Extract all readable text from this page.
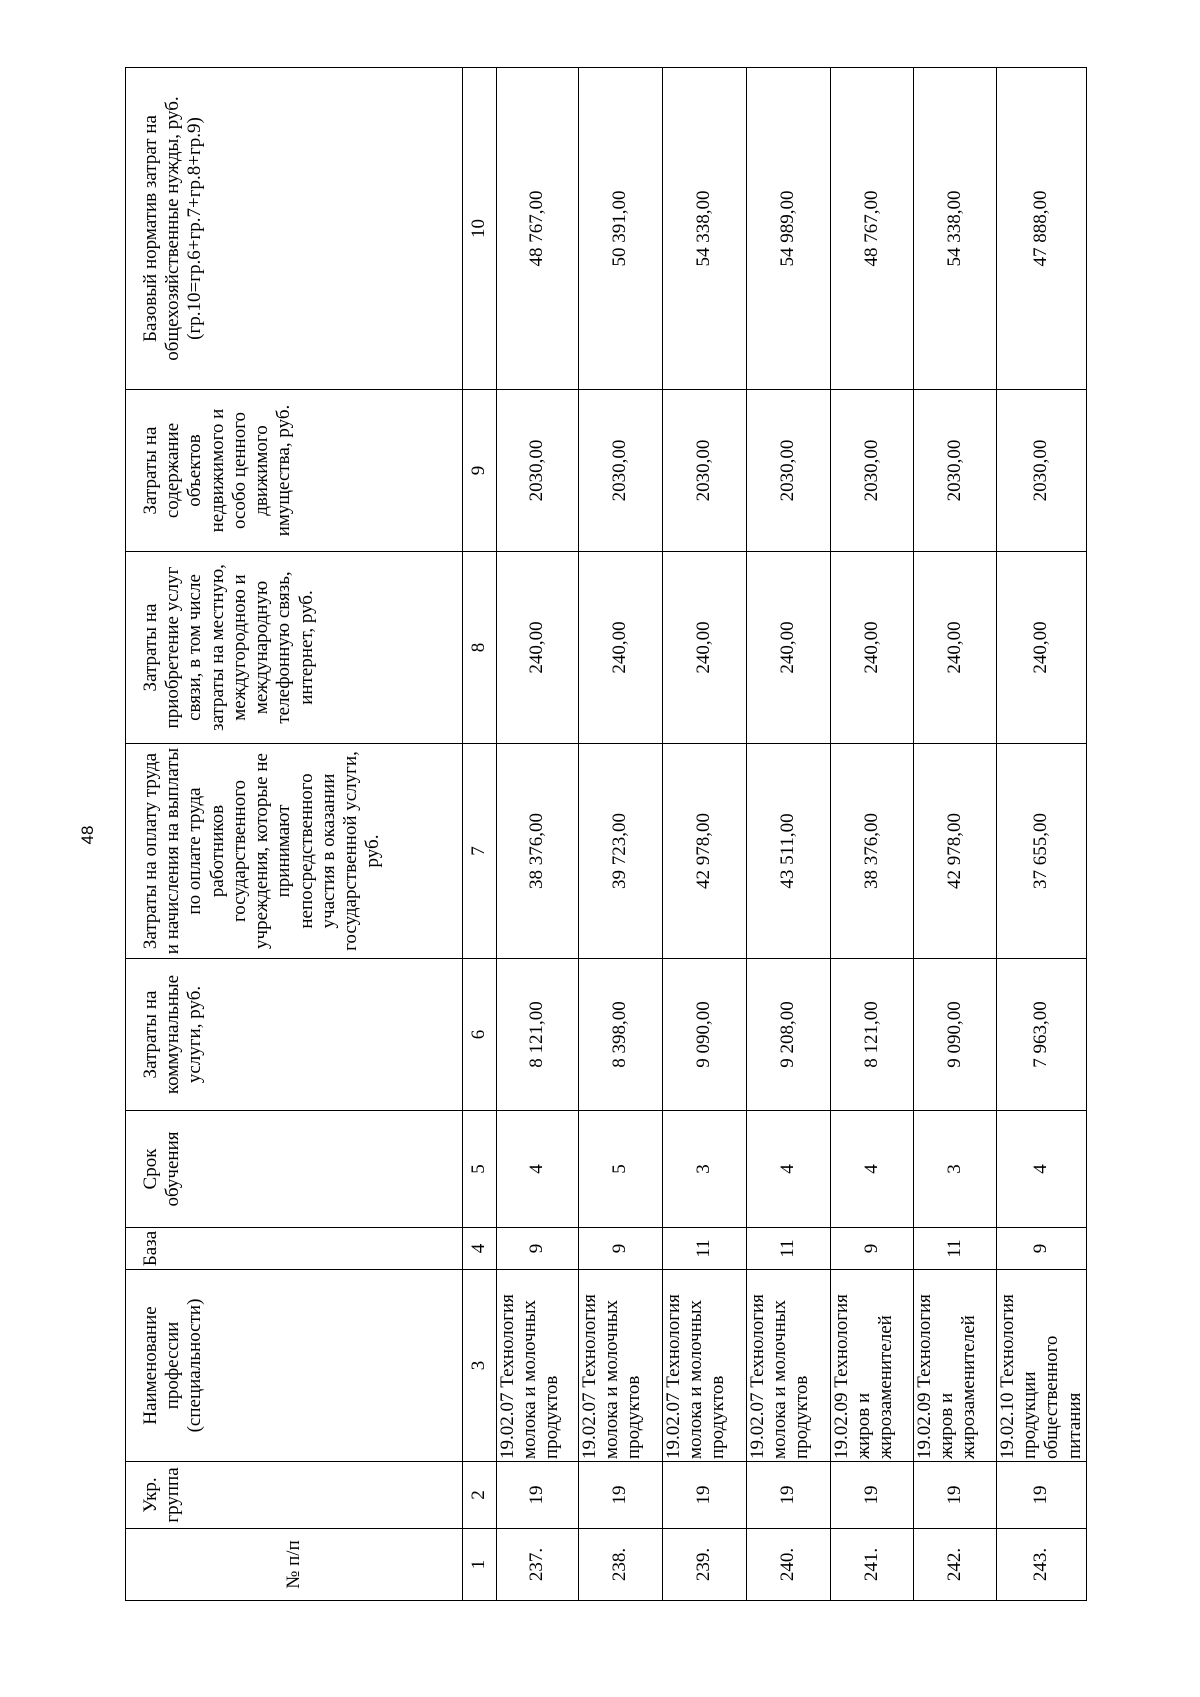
48
№ п/п	Укр. группа	Наименование профессии (специальности)	База	Срок обучения	Затраты на коммунальные услуги, руб.	Затраты на оплату труда и начисления на выплаты по оплате труда работников государственного учреждения, которые не принимают непосредственного участия в оказании государственной услуги, руб.	Затраты на приобретение услуг связи, в том числе затраты на местную, междугородною и международную телефонную связь, интернет, руб.	Затраты на содержание объектов недвижимого и особо ценного движимого имущества, руб.	Базовый норматив затрат на общехозяйственные нужды, руб. (гр.10=гр.6+гр.7+гр.8+гр.9)
1	2	3	4	5	6	7	8	9	10
237.	19	19.02.07 Технология молока и молочных продуктов	9	4	8 121,00	38 376,00	240,00	2030,00	48 767,00
238.	19	19.02.07 Технология молока и молочных продуктов	9	5	8 398,00	39 723,00	240,00	2030,00	50 391,00
239.	19	19.02.07 Технология молока и молочных продуктов	11	3	9 090,00	42 978,00	240,00	2030,00	54 338,00
240.	19	19.02.07 Технология молока и молочных продуктов	11	4	9 208,00	43 511,00	240,00	2030,00	54 989,00
241.	19	19.02.09 Технология жиров и жирозаменителей	9	4	8 121,00	38 376,00	240,00	2030,00	48 767,00
242.	19	19.02.09 Технология жиров и жирозаменителей	11	3	9 090,00	42 978,00	240,00	2030,00	54 338,00
243.	19	19.02.10 Технология продукции общественного питания	9	4	7 963,00	37 655,00	240,00	2030,00	47 888,00
